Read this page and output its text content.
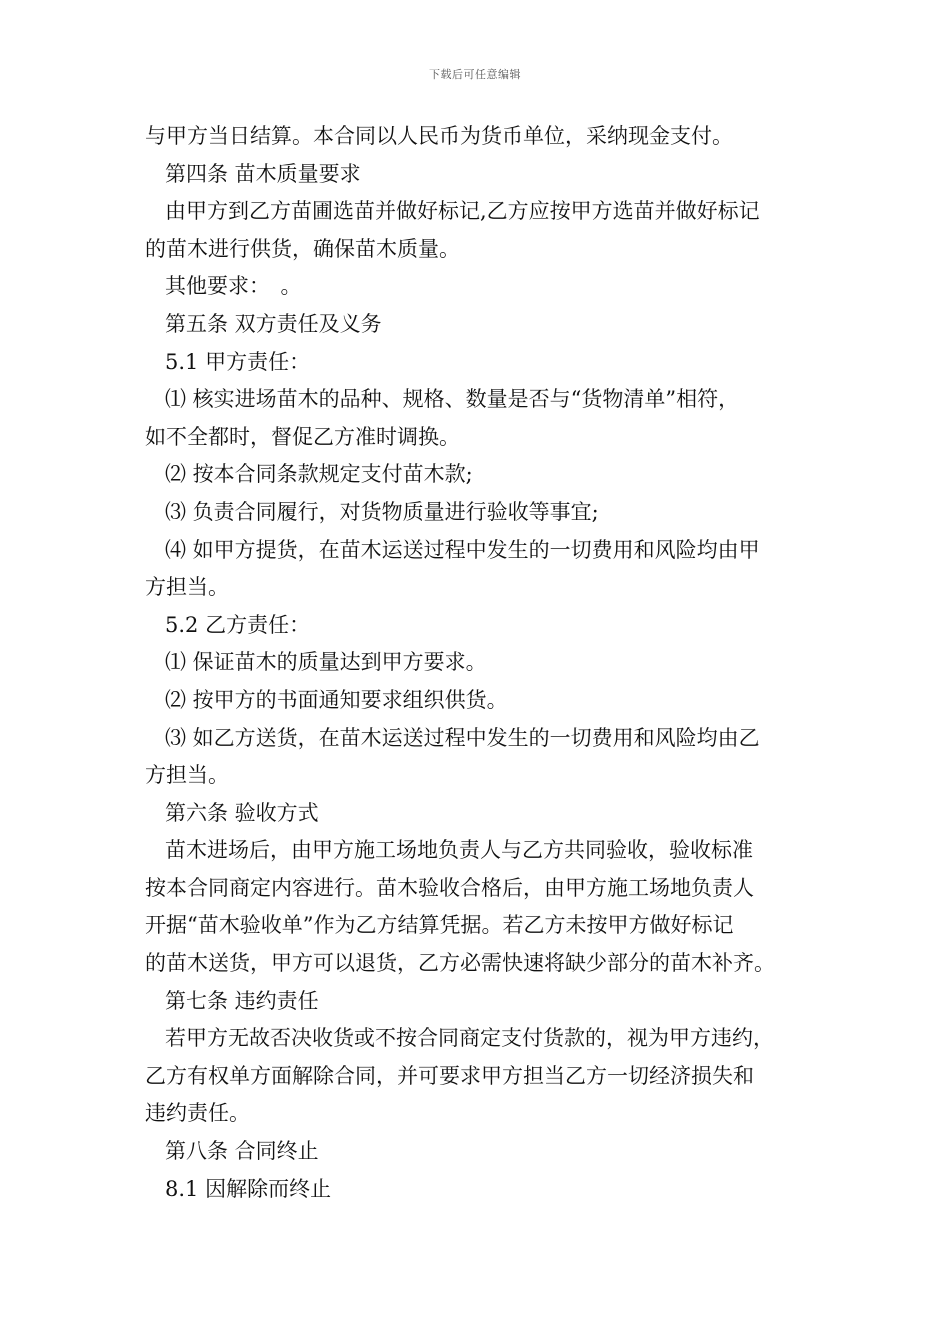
下载后可任意编辑
与甲方当日结算。本合同以人民币为货币单位，采纳现金支付。
第四条 苗木质量要求
由甲方到乙方苗圃选苗并做好标记,乙方应按甲方选苗并做好标记
的苗木进行供货，确保苗木质量。
其他要求：　。
第五条 双方责任及义务
5.1 甲方责任：
⑴ 核实进场苗木的品种、规格、数量是否与“货物清单”相符，
如不全都时，督促乙方准时调换。
⑵ 按本合同条款规定支付苗木款;
⑶ 负责合同履行，对货物质量进行验收等事宜;
⑷ 如甲方提货，在苗木运送过程中发生的一切费用和风险均由甲
方担当。
5.2 乙方责任：
⑴ 保证苗木的质量达到甲方要求。
⑵ 按甲方的书面通知要求组织供货。
⑶ 如乙方送货，在苗木运送过程中发生的一切费用和风险均由乙
方担当。
第六条 验收方式
苗木进场后，由甲方施工场地负责人与乙方共同验收，验收标准
按本合同商定内容进行。苗木验收合格后，由甲方施工场地负责人
开据“苗木验收单”作为乙方结算凭据。若乙方未按甲方做好标记
的苗木送货，甲方可以退货，乙方必需快速将缺少部分的苗木补齐。
第七条 违约责任
若甲方无故否决收货或不按合同商定支付货款的，视为甲方违约，
乙方有权单方面解除合同，并可要求甲方担当乙方一切经济损失和
违约责任。
第八条 合同终止
8.1 因解除而终止
